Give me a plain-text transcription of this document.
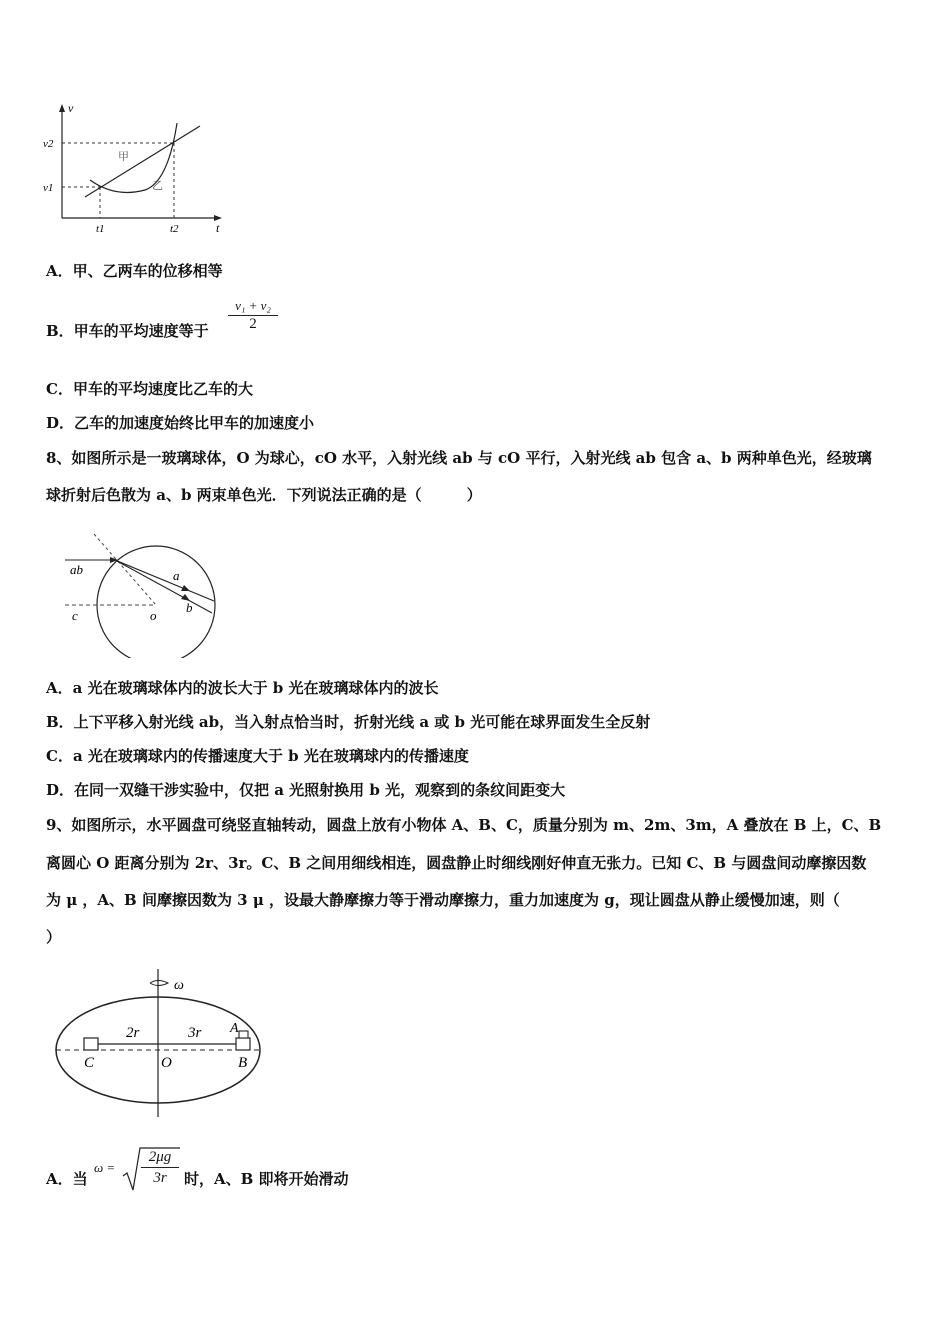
v
t
v2
v1
t1	t2
甲
乙
A．甲、乙两车的位移相等
B．甲车的平均速度等于 $\frac{\text{v₁ + v₂}}{2}$
C．甲车的平均速度比乙车的大
D．乙车的加速度始终比甲车的加速度小
8、如图所示是一玻璃球体，O 为球心，cO 水平，入射光线 ab 与 cO 平行，入射光线 ab 包含 a、b 两种单色光，经玻璃
球折射后色散为 a、b 两束单色光．下列说法正确的是（　　　）
ab
c	o
a
b
A．a 光在玻璃球体内的波长大于 b 光在玻璃球体内的波长
B．上下平移入射光线 ab，当入射点恰当时，折射光线 a 或 b 光可能在球界面发生全反射
C．a 光在玻璃球内的传播速度大于 b 光在玻璃球内的传播速度
D．在同一双缝干涉实验中，仅把 a 光照射换用 b 光，观察到的条纹间距变大
9、如图所示，水平圆盘可绕竖直轴转动，圆盘上放有小物体 A、B、C，质量分别为 m、2m、3m，A 叠放在 B 上，C、B
离圆心 O 距离分别为 2r、3r。C、B 之间用细线相连，圆盘静止时细线刚好伸直无张力。已知 C、B 与圆盘间动摩擦因数
为 μ ，A、B 间摩擦因数为 3 μ ，设最大静摩擦力等于滑动摩擦力，重力加速度为 g，现让圆盘从静止缓慢加速，则（
）
ω
2r	3r A
C	O	B
A．当
$\omega = \frac{2\mu g}{3r}$ 时，A、B 即将开始滑动
